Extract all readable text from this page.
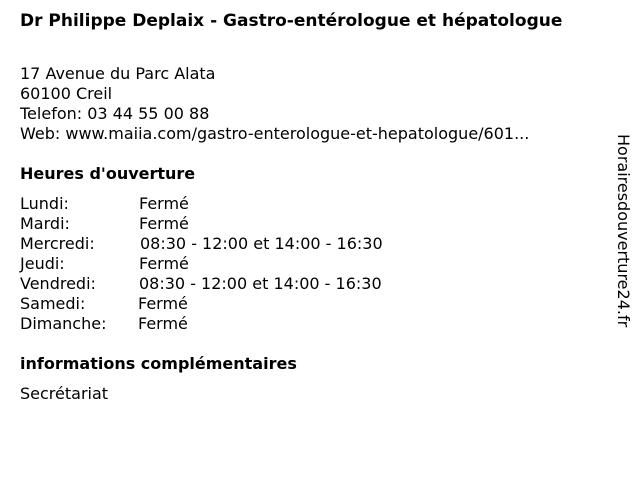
Dr Philippe Deplaix - Gastro-entérologue et hépatologue
17 Avenue du Parc Alata
60100 Creil
Telefon: 03 44 55 00 88
Web: www.maiia.com/gastro-enterologue-et-hepatologue/601...
Heures d'ouverture
Lundi:	Fermé
Mardi:	Fermé
Mercredi:	08:30 - 12:00 et 14:00 - 16:30
Jeudi:	Fermé
Vendredi:	08:30 - 12:00 et 14:00 - 16:30
Samedi:	Fermé
Dimanche: Fermé
informations complémentaires
Secrétariat
Horairesdouverture24.fr
